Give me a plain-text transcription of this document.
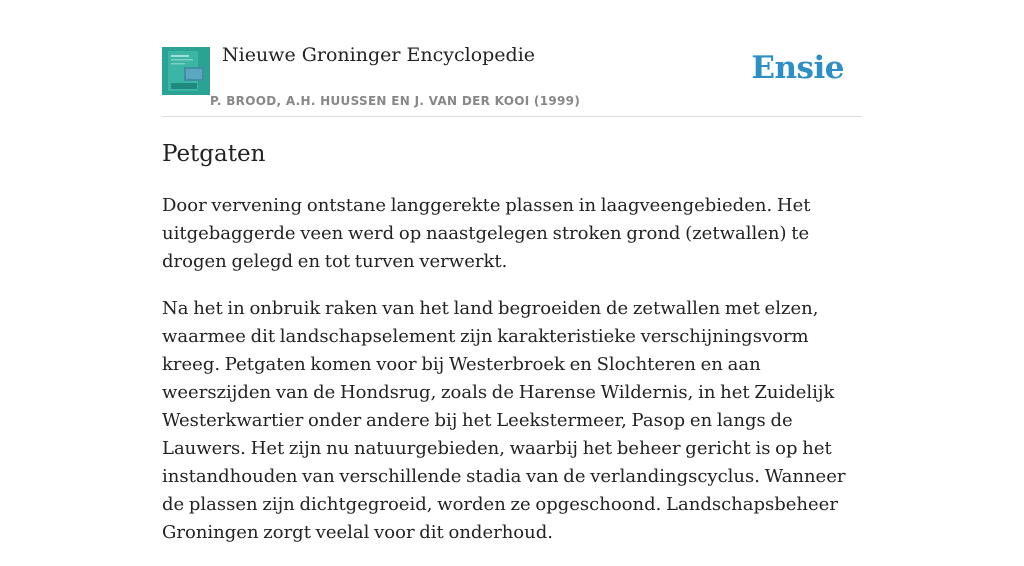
Nieuwe Groninger Encyclopedie
P. BROOD, A.H. HUUSSEN EN J. VAN DER KOOI (1999)
Ensie
Petgaten

Door vervening ontstane langgerekte plassen in laagveengebieden. Het uitgebaggerde veen werd op naastgelegen stroken grond (zetwallen) te drogen gelegd en tot turven verwerkt.

Na het in onbruik raken van het land begroeiden de zetwallen met elzen, waarmee dit landschapselement zijn karakteristieke verschijningsvorm kreeg. Petgaten komen voor bij Westerbroek en Slochteren en aan weerszijden van de Hondsrug, zoals de Harense Wildernis, in het Zuidelijk Westerkwartier onder andere bij het Leekstermeer, Pasop en langs de Lauwers. Het zijn nu natuurgebieden, waarbij het beheer gericht is op het instandhouden van verschillende stadia van de verlandingscyclus. Wanneer de plassen zijn dichtgegroeid, worden ze opgeschoond. Landschapsbeheer Groningen zorgt veelal voor dit onderhoud.
